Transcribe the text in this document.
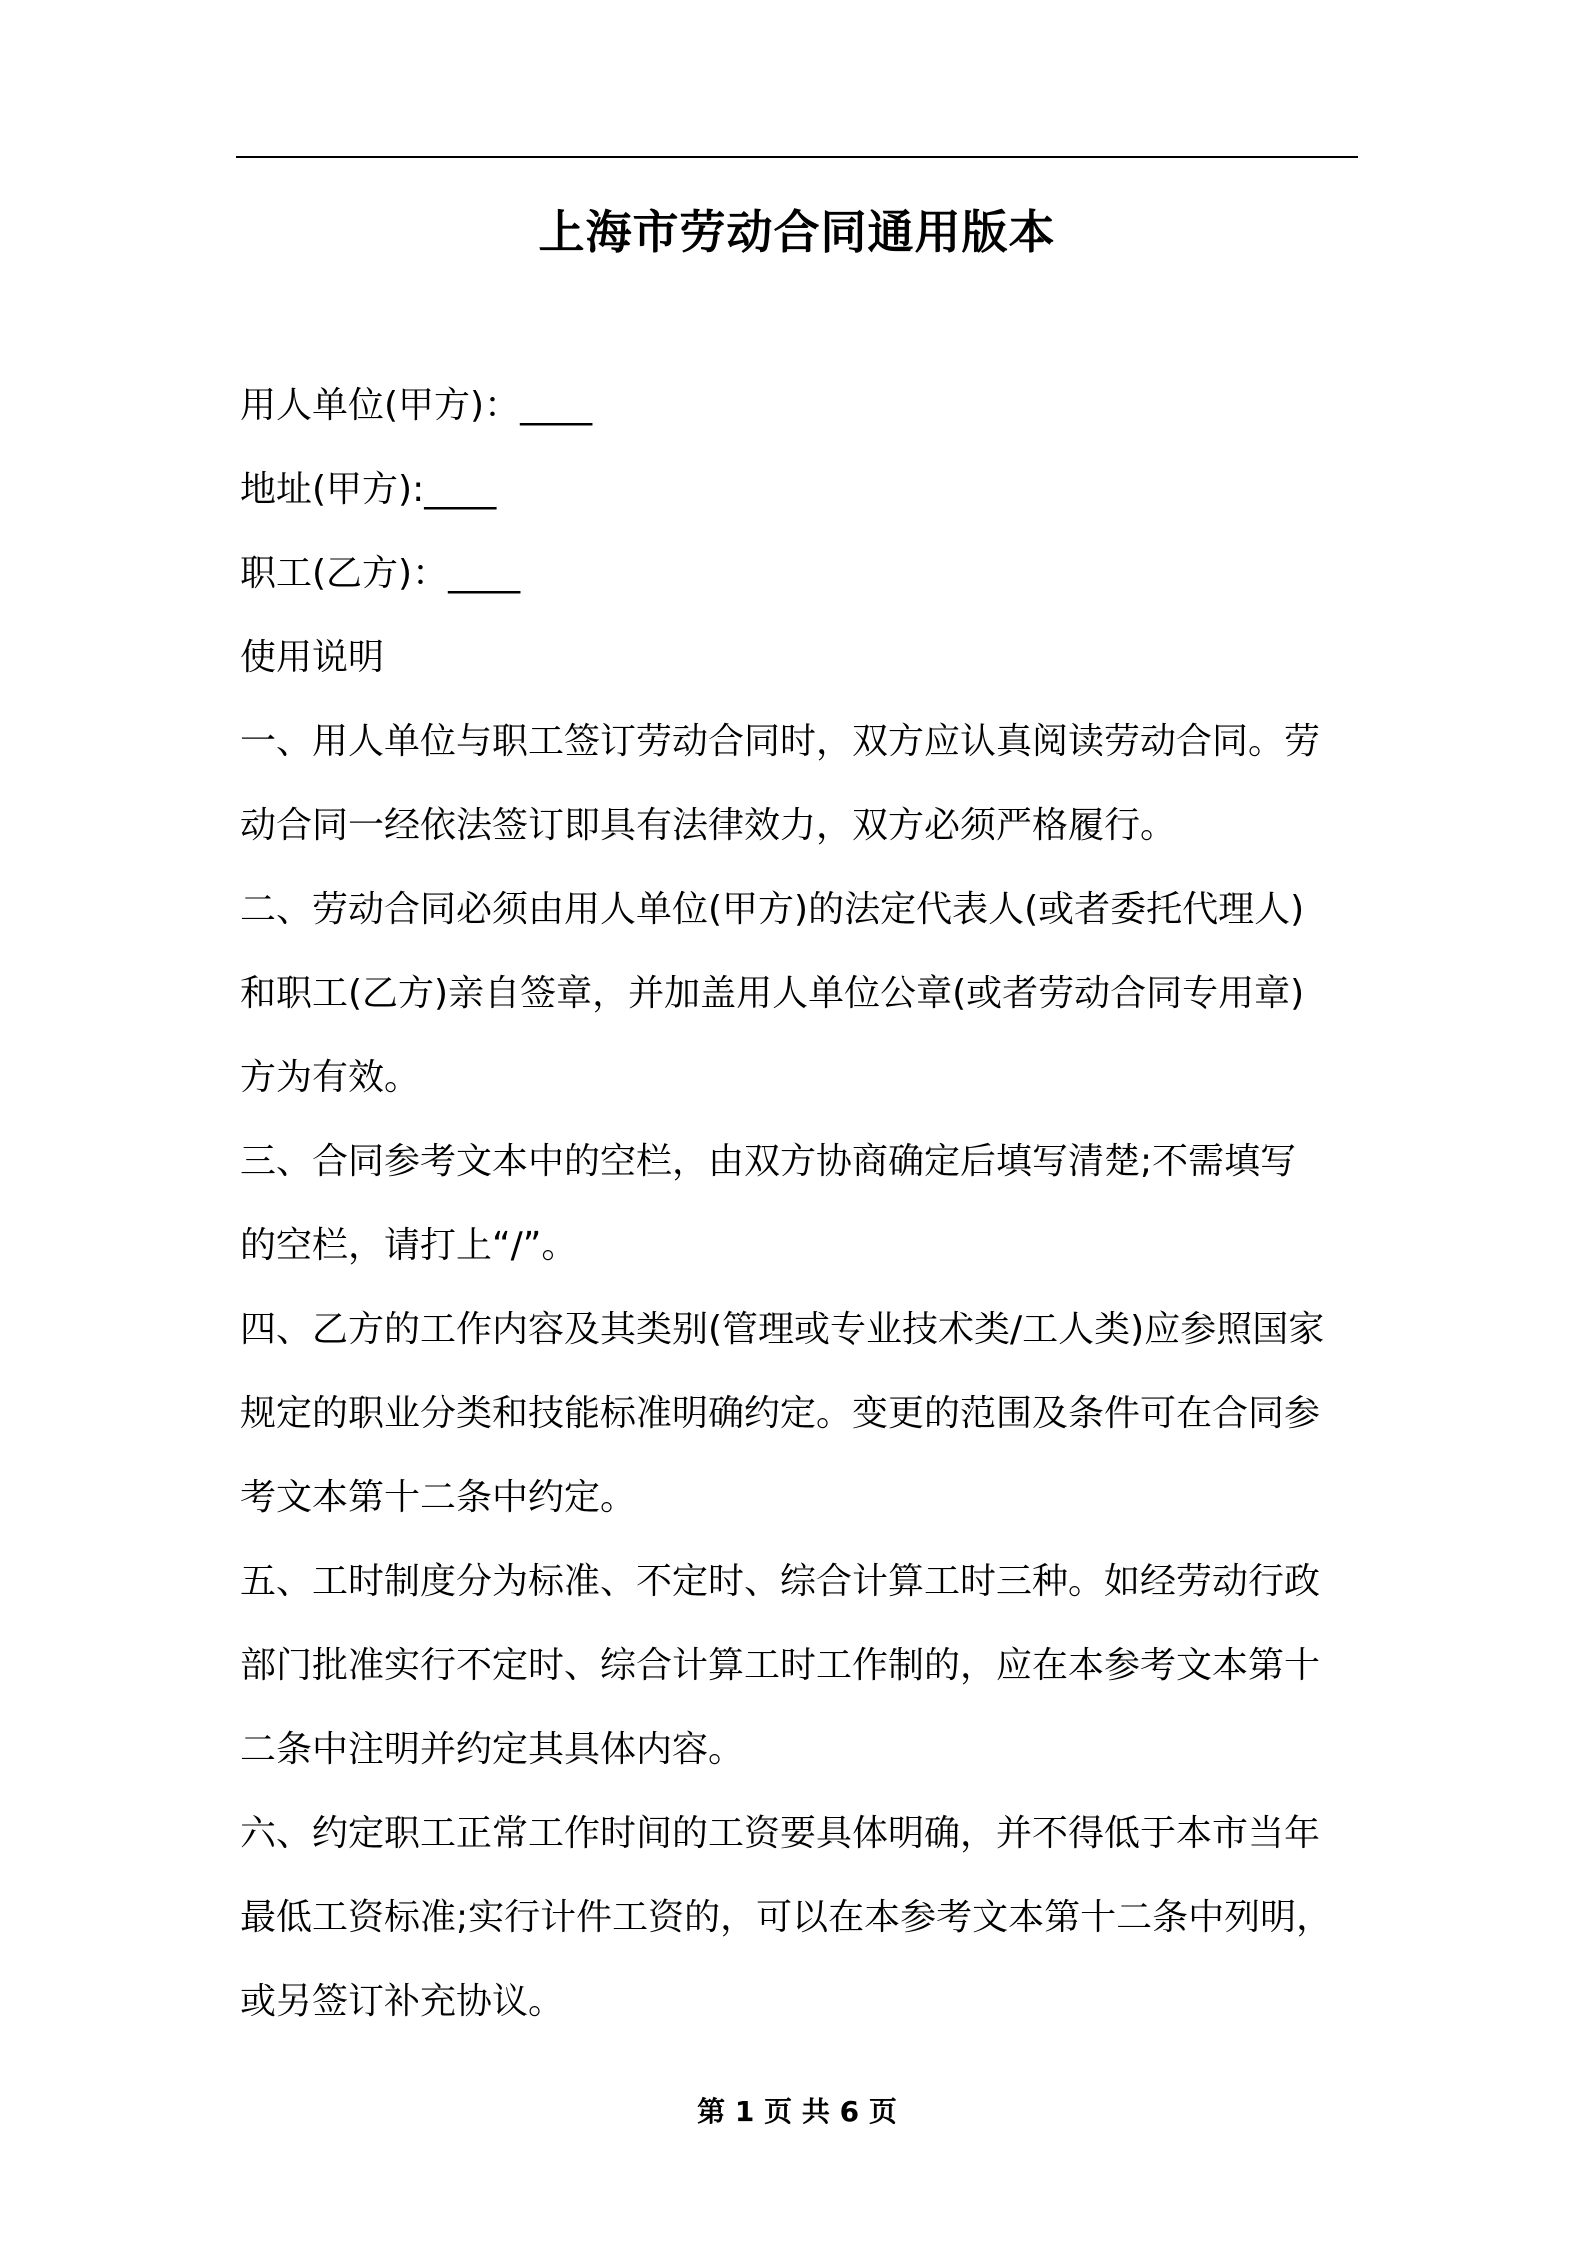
上海市劳动合同通用版本
用人单位(甲方)：____
地址(甲方):____
职工(乙方)：____
使用说明
一、用人单位与职工签订劳动合同时，双方应认真阅读劳动合同。劳
动合同一经依法签订即具有法律效力，双方必须严格履行。
二、劳动合同必须由用人单位(甲方)的法定代表人(或者委托代理人)
和职工(乙方)亲自签章，并加盖用人单位公章(或者劳动合同专用章)
方为有效。
三、合同参考文本中的空栏，由双方协商确定后填写清楚;不需填写
的空栏，请打上“/”。
四、乙方的工作内容及其类别(管理或专业技术类/工人类)应参照国家
规定的职业分类和技能标准明确约定。变更的范围及条件可在合同参
考文本第十二条中约定。
五、工时制度分为标准、不定时、综合计算工时三种。如经劳动行政
部门批准实行不定时、综合计算工时工作制的，应在本参考文本第十
二条中注明并约定其具体内容。
六、约定职工正常工作时间的工资要具体明确，并不得低于本市当年
最低工资标准;实行计件工资的，可以在本参考文本第十二条中列明，
或另签订补充协议。
第 1 页 共 6 页
